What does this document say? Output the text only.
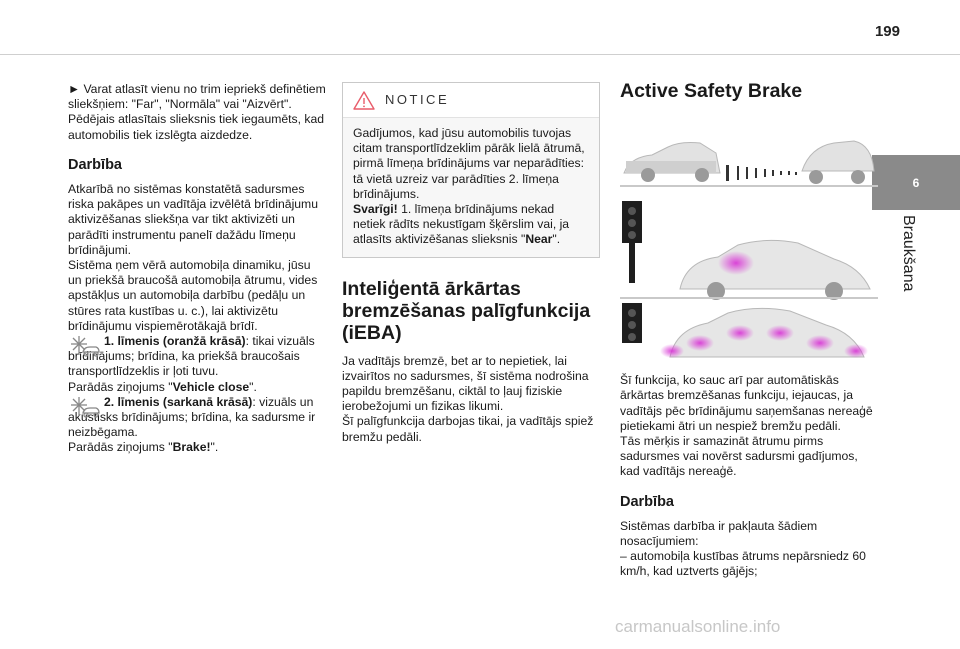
199
6
Braukšana

► Varat atlasīt vienu no trim iepriekš definētiem sliekšņiem: "Far", "Normāla" vai "Aizvērt". Pēdējais atlasītais slieksnis tiek iegaumēts, kad automobilis tiek izslēgta aizdedze.

Darbība

Atkarībā no sistēmas konstatētā sadursmes riska pakāpes un vadītāja izvēlētā brīdinājumu aktivizēšanas sliekšņa var tikt aktivizēti un parādīti instrumentu panelī dažādu līmeņu brīdinājumi.

Sistēma ņem vērā automobiļa dinamiku, jūsu un priekšā braucošā automobiļa ātrumu, vides apstākļus un automobiļa darbību (pedāļu un stūres rata kustības u. c.), lai aktivizētu brīdinājumu vispiemērotākajā brīdī.

1. līmenis (oranžā krāsā): tikai vizuāls brīdinājums; brīdina, ka priekšā braucošais transportlīdzeklis ir ļoti tuvu.

Parādās ziņojums "Vehicle close".

2. līmenis (sarkanā krāsā): vizuāls un akustisks brīdinājums; brīdina, ka sadursme ir neizbēgama.

Parādās ziņojums "Brake!".

NOTICE

Gadījumos, kad jūsu automobilis tuvojas citam transportlīdzeklim pārāk lielā ātrumā, pirmā līmeņa brīdinājums var neparādīties: tā vietā uzreiz var parādīties 2. līmeņa brīdinājums.

Svarīgi! 1. līmeņa brīdinājums nekad netiek rādīts nekustīgam šķērslim vai, ja atlasīts aktivizēšanas slieksnis "Near".

Inteliģentā ārkārtas bremzēšanas palīgfunkcija (iEBA)

Ja vadītājs bremzē, bet ar to nepietiek, lai izvairītos no sadursmes, šī sistēma nodrošina papildu bremzēšanu, ciktāl to ļauj fiziskie ierobežojumi un fizikas likumi.

Šī palīgfunkcija darbojas tikai, ja vadītājs spiež bremžu pedāli.

Active Safety Brake

Šī funkcija, ko sauc arī par automātiskās ārkārtas bremzēšanas funkciju, iejaucas, ja vadītājs pēc brīdinājumu saņemšanas nereaģē pietiekami ātri un nespiež bremžu pedāli.

Tās mērķis ir samazināt ātrumu pirms sadursmes vai novērst sadursmi gadījumos, kad vadītājs nereaģē.

Darbība

Sistēmas darbība ir pakļauta šādiem nosacījumiem:

– automobiļa kustības ātrums nepārsniedz 60 km/h, kad uztverts gājējs;

carmanualsonline.info
